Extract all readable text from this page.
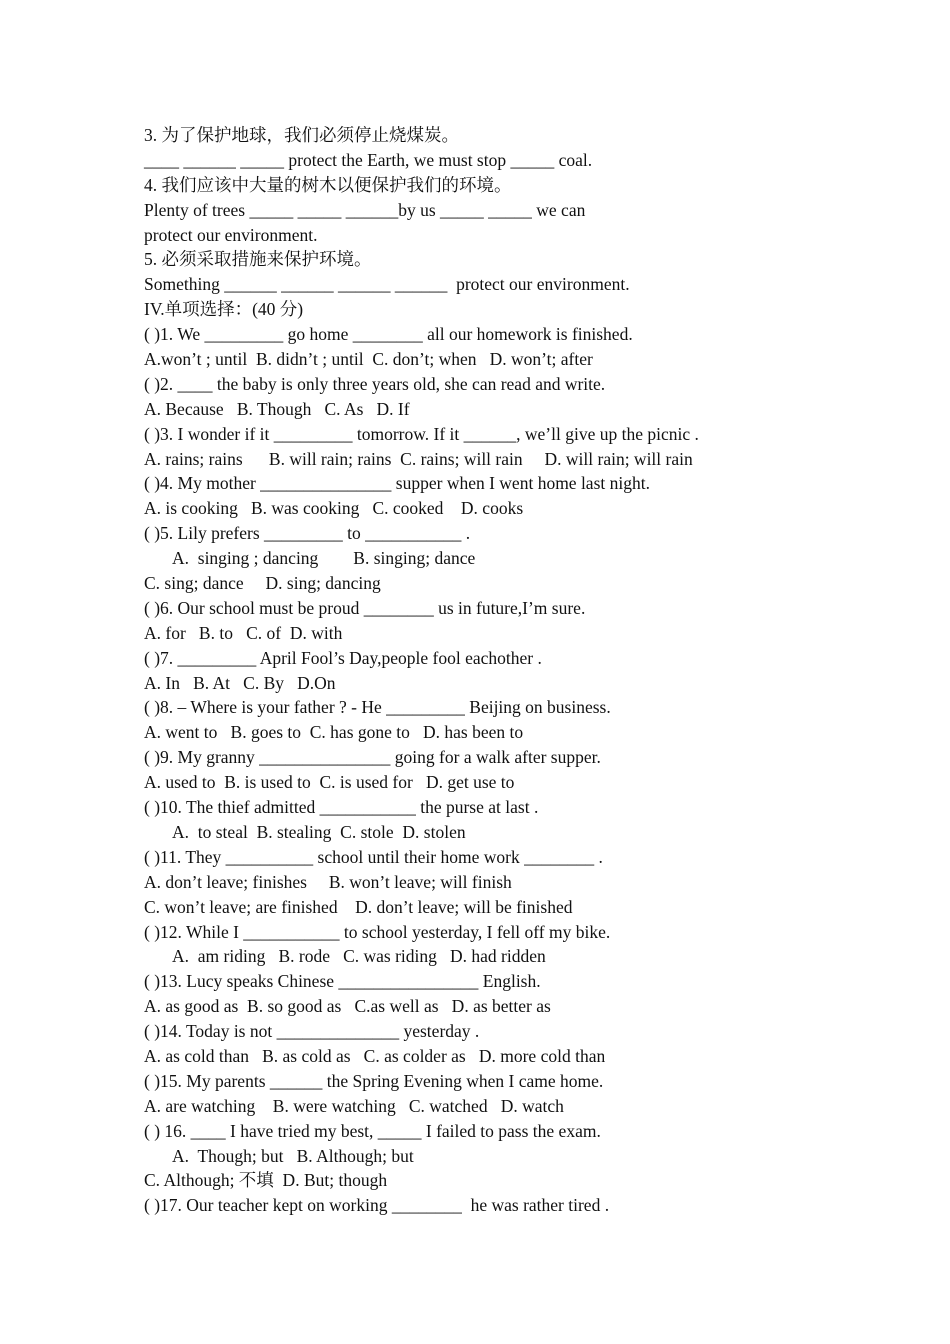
3. 为了保护地球，我们必须停止烧煤炭。
____ ______ _____ protect the Earth, we must stop _____ coal.
4. 我们应该中大量的树木以便保护我们的环境。
Plenty of trees _____ _____ ______by us _____ _____ we can
protect our environment.
5. 必须采取措施来保护环境。
Something ______ ______ ______ ______  protect our environment.
IV.单项选择：(40 分)
( )1. We _________ go home ________ all our homework is finished.
A.won’t ; until  B. didn’t ; until  C. don’t; when   D. won’t; after
( )2. ____ the baby is only three years old, she can read and write.
A. Because   B. Though   C. As   D. If
( )3. I wonder if it _________ tomorrow. If it ______, we’ll give up the picnic .
A. rains; rains      B. will rain; rains  C. rains; will rain     D. will rain; will rain
( )4. My mother _______________ supper when I went home last night.
A. is cooking   B. was cooking   C. cooked    D. cooks
( )5. Lily prefers _________ to ___________ .
A.  singing ; dancing        B. singing; dance
C. sing; dance     D. sing; dancing
( )6. Our school must be proud ________ us in future,I’m sure.
A. for   B. to   C. of  D. with
( )7. _________ April Fool’s Day,people fool eachother .
A. In   B. At   C. By   D.On
( )8. – Where is your father ? - He _________ Beijing on business.
A. went to   B. goes to  C. has gone to   D. has been to
( )9. My granny _______________ going for a walk after supper.
A. used to  B. is used to  C. is used for   D. get use to
( )10. The thief admitted ___________ the purse at last .
A.  to steal  B. stealing  C. stole  D. stolen
( )11. They __________ school until their home work ________ .
A. don’t leave; finishes     B. won’t leave; will finish
C. won’t leave; are finished    D. don’t leave; will be finished
( )12. While I ___________ to school yesterday, I fell off my bike.
A.  am riding   B. rode   C. was riding   D. had ridden
( )13. Lucy speaks Chinese ________________ English.
A. as good as  B. so good as   C.as well as   D. as better as
( )14. Today is not ______________ yesterday .
A. as cold than   B. as cold as   C. as colder as   D. more cold than
( )15. My parents ______ the Spring Evening when I came home.
A. are watching    B. were watching   C. watched   D. watch
( ) 16. ____ I have tried my best, _____ I failed to pass the exam.
A.  Though; but   B. Although; but
C. Although; 不填  D. But; though
( )17. Our teacher kept on working ________  he was rather tired .
